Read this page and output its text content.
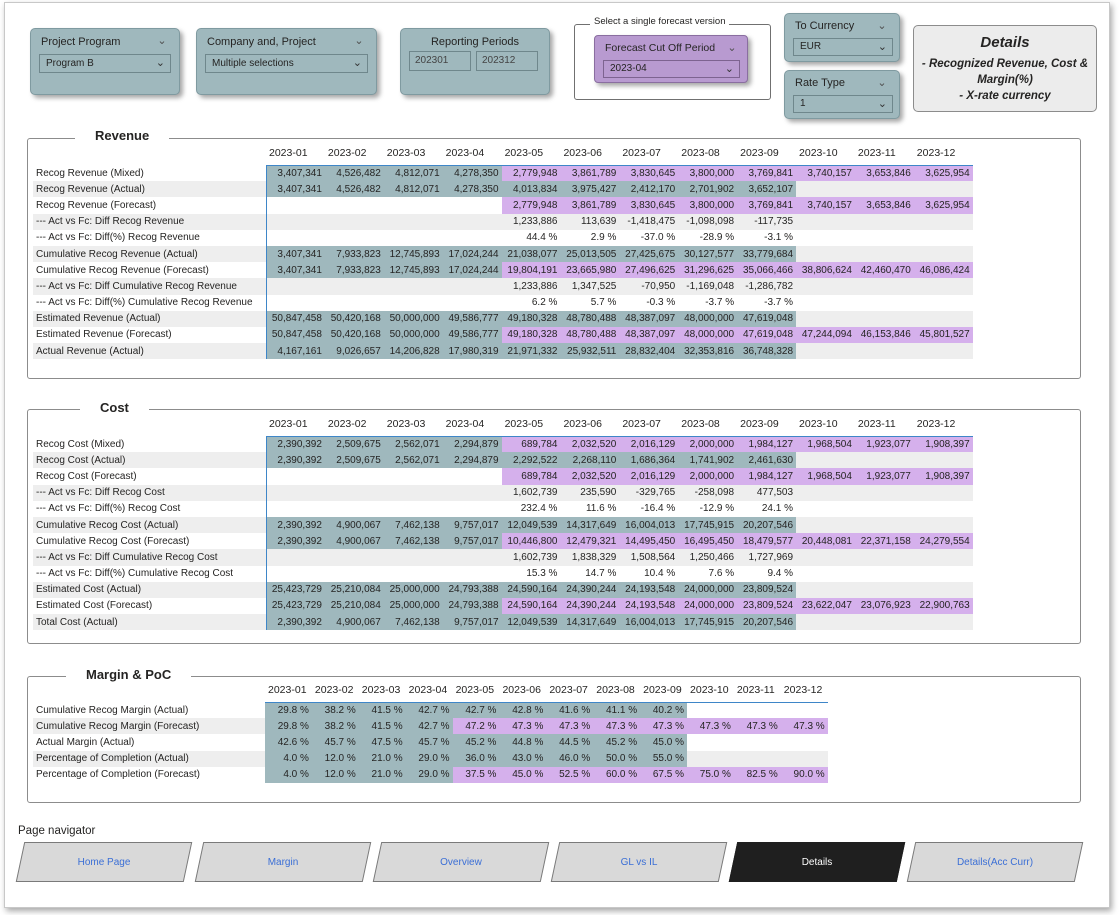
Project Program	⌄
Program B	⌄
Company and, Project	⌄
Multiple selections	⌄
Reporting Periods
202301	202312
Select a single forecast version
Forecast Cut Off Period ⌄
2023-04	⌄
To Currency ⌄
EUR	⌄
Rate Type	⌄
1	⌄
Details
- Recognized Revenue, Cost &
Margin(%)
- X-rate currency
Revenue
	2023-01	2023-02	2023-03	2023-04	2023-05	2023-06	2023-07	2023-08	2023-09	2023-10	2023-11	2023-12
Recog Revenue (Mixed)	3,407,341	4,526,482	4,812,071	4,278,350	2,779,948	3,861,789	3,830,645	3,800,000	3,769,841	3,740,157	3,653,846	3,625,954
Recog Revenue (Actual)	3,407,341	4,526,482	4,812,071	4,278,350	4,013,834	3,975,427	2,412,170	2,701,902	3,652,107			
Recog Revenue (Forecast)					2,779,948	3,861,789	3,830,645	3,800,000	3,769,841	3,740,157	3,653,846	3,625,954
--- Act vs Fc: Diff Recog Revenue					1,233,886	113,639	-1,418,475	-1,098,098	-117,735			
--- Act vs Fc: Diff(%) Recog Revenue					44.4 %	2.9 %	-37.0 %	-28.9 %	-3.1 %			
Cumulative Recog Revenue (Actual)	3,407,341	7,933,823	12,745,893	17,024,244	21,038,077	25,013,505	27,425,675	30,127,577	33,779,684			
Cumulative Recog Revenue (Forecast)	3,407,341	7,933,823	12,745,893	17,024,244	19,804,191	23,665,980	27,496,625	31,296,625	35,066,466	38,806,624	42,460,470	46,086,424
--- Act vs Fc: Diff Cumulative Recog Revenue					1,233,886	1,347,525	-70,950	-1,169,048	-1,286,782			
--- Act vs Fc: Diff(%) Cumulative Recog Revenue					6.2 %	5.7 %	-0.3 %	-3.7 %	-3.7 %			
Estimated Revenue (Actual)	50,847,458	50,420,168	50,000,000	49,586,777	49,180,328	48,780,488	48,387,097	48,000,000	47,619,048			
Estimated Revenue (Forecast)	50,847,458	50,420,168	50,000,000	49,586,777	49,180,328	48,780,488	48,387,097	48,000,000	47,619,048	47,244,094	46,153,846	45,801,527
Actual Revenue (Actual)	4,167,161	9,026,657	14,206,828	17,980,319	21,971,332	25,932,511	28,832,404	32,353,816	36,748,328			
Cost
	2023-01	2023-02	2023-03	2023-04	2023-05	2023-06	2023-07	2023-08	2023-09	2023-10	2023-11	2023-12
Recog Cost (Mixed)	2,390,392	2,509,675	2,562,071	2,294,879	689,784	2,032,520	2,016,129	2,000,000	1,984,127	1,968,504	1,923,077	1,908,397
Recog Cost (Actual)	2,390,392	2,509,675	2,562,071	2,294,879	2,292,522	2,268,110	1,686,364	1,741,902	2,461,630			
Recog Cost (Forecast)					689,784	2,032,520	2,016,129	2,000,000	1,984,127	1,968,504	1,923,077	1,908,397
--- Act vs Fc: Diff Recog Cost					1,602,739	235,590	-329,765	-258,098	477,503			
--- Act vs Fc: Diff(%) Recog Cost					232.4 %	11.6 %	-16.4 %	-12.9 %	24.1 %			
Cumulative Recog Cost (Actual)	2,390,392	4,900,067	7,462,138	9,757,017	12,049,539	14,317,649	16,004,013	17,745,915	20,207,546			
Cumulative Recog Cost (Forecast)	2,390,392	4,900,067	7,462,138	9,757,017	10,446,800	12,479,321	14,495,450	16,495,450	18,479,577	20,448,081	22,371,158	24,279,554
--- Act vs Fc: Diff Cumulative Recog Cost					1,602,739	1,838,329	1,508,564	1,250,466	1,727,969			
--- Act vs Fc: Diff(%) Cumulative Recog Cost					15.3 %	14.7 %	10.4 %	7.6 %	9.4 %			
Estimated Cost (Actual)	25,423,729	25,210,084	25,000,000	24,793,388	24,590,164	24,390,244	24,193,548	24,000,000	23,809,524			
Estimated Cost (Forecast)	25,423,729	25,210,084	25,000,000	24,793,388	24,590,164	24,390,244	24,193,548	24,000,000	23,809,524	23,622,047	23,076,923	22,900,763
Total Cost (Actual)	2,390,392	4,900,067	7,462,138	9,757,017	12,049,539	14,317,649	16,004,013	17,745,915	20,207,546			
Margin & PoC
	2023-01	2023-02	2023-03	2023-04	2023-05	2023-06	2023-07	2023-08	2023-09	2023-10	2023-11	2023-12
Cumulative Recog Margin (Actual)	29.8 %	38.2 %	41.5 %	42.7 %	42.7 %	42.8 %	41.6 %	41.1 %	40.2 %			
Cumulative Recog Margin (Forecast)	29.8 %	38.2 %	41.5 %	42.7 %	47.2 %	47.3 %	47.3 %	47.3 %	47.3 %	47.3 %	47.3 %	47.3 %
Actual Margin (Actual)	42.6 %	45.7 %	47.5 %	45.7 %	45.2 %	44.8 %	44.5 %	45.2 %	45.0 %			
Percentage of Completion (Actual)	4.0 %	12.0 %	21.0 %	29.0 %	36.0 %	43.0 %	46.0 %	50.0 %	55.0 %			
Percentage of Completion (Forecast)	4.0 %	12.0 %	21.0 %	29.0 %	37.5 %	45.0 %	52.5 %	60.0 %	67.5 %	75.0 %	82.5 %	90.0 %
Page navigator
Home Page	Margin	Overview	GL vs IL	Details	Details(Acc Curr)
